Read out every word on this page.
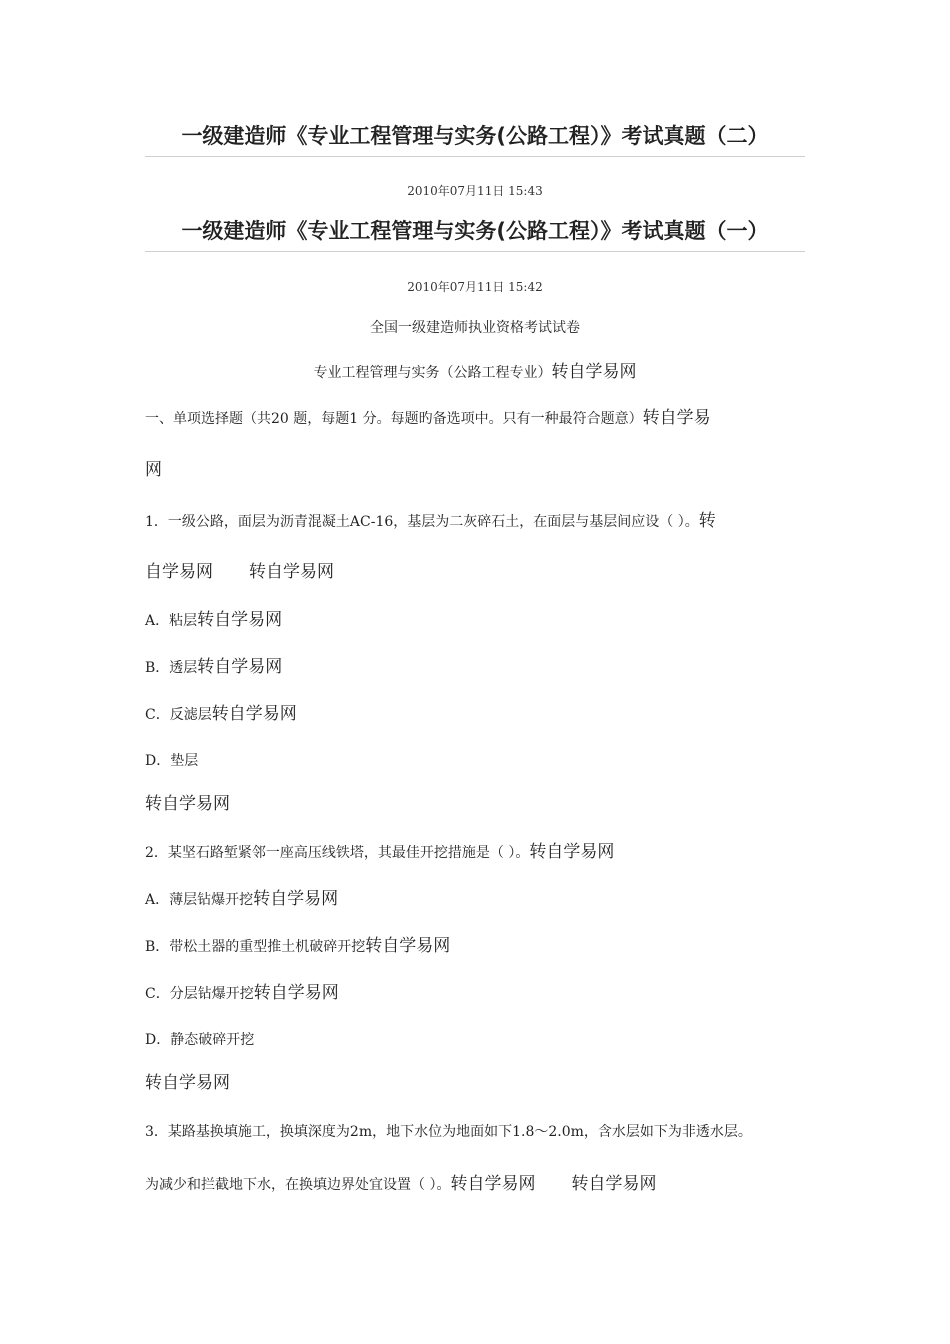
一级建造师《专业工程管理与实务(公路工程）》考试真题（二）
2010年07月11日 15:43
一级建造师《专业工程管理与实务(公路工程）》考试真题（一）
2010年07月11日 15:42
全国一级建造师执业资格考试试卷
专业工程管理与实务（公路工程专业）转自学易网
一、单项选择题（共20 题，每题1 分。每题旳备选项中。只有一种最符合题意）转自学易
网
1．一级公路，面层为沥青混凝土AC-16，基层为二灰碎石土，在面层与基层间应设（ ）。转
自学易网 转自学易网
A．粘层转自学易网
B．透层转自学易网
C．反滤层转自学易网
D．垫层
转自学易网
2．某坚石路堑紧邻一座高压线铁塔，其最佳开挖措施是（ ）。转自学易网
A．薄层钻爆开挖转自学易网
B．带松土器的重型推土机破碎开挖转自学易网
C．分层钻爆开挖转自学易网
D．静态破碎开挖
转自学易网
3．某路基换填施工，换填深度为2m，地下水位为地面如下1.8～2.0m，含水层如下为非透水层。
为减少和拦截地下水，在换填边界处宜设置（ ）。转自学易网 转自学易网
